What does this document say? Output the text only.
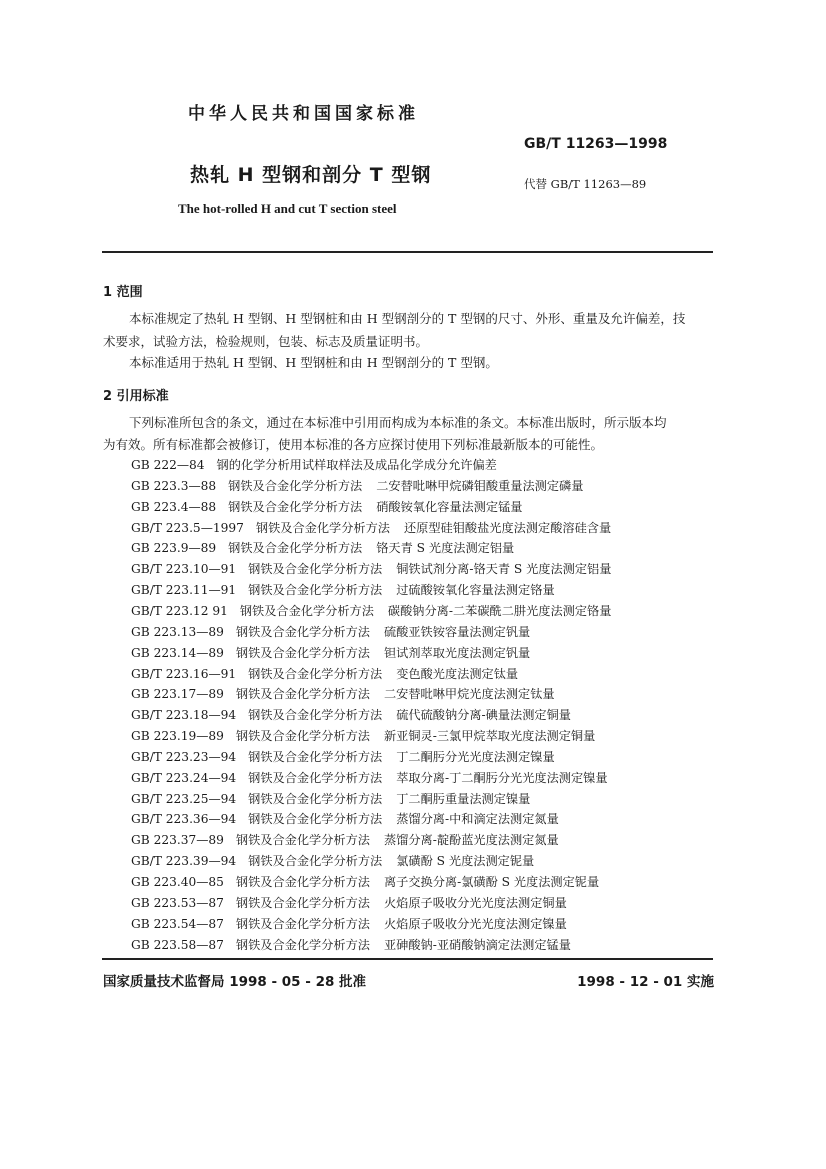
中华人民共和国国家标准
GB/T 11263—1998
热轧 H 型钢和剖分 T 型钢	代替 GB/T 11263—89
The hot-rolled H and cut T section steel
1 范围
本标准规定了热轧 H 型钢、H 型钢桩和由 H 型钢剖分的 T 型钢的尺寸、外形、重量及允许偏差，技
术要求，试验方法，检验规则，包装、标志及质量证明书。
本标准适用于热轧 H 型钢、H 型钢桩和由 H 型钢剖分的 T 型钢。
2 引用标准
下列标准所包含的条文，通过在本标准中引用而构成为本标准的条文。本标准出版时，所示版本均
为有效。所有标准都会被修订，使用本标准的各方应探讨使用下列标准最新版本的可能性。
GB 222—84 钢的化学分析用试样取样法及成品化学成分允许偏差
GB 223.3—88 钢铁及合金化学分析方法 二安替吡啉甲烷磷钼酸重量法测定磷量
GB 223.4—88 钢铁及合金化学分析方法 硝酸铵氧化容量法测定锰量
GB/T 223.5—1997 钢铁及合金化学分析方法 还原型硅钼酸盐光度法测定酸溶硅含量
GB 223.9—89 钢铁及合金化学分析方法 铬天青 S 光度法测定铝量
GB/T 223.10—91 钢铁及合金化学分析方法 铜铁试剂分离-铬天青 S 光度法测定铝量
GB/T 223.11—91 钢铁及合金化学分析方法 过硫酸铵氧化容量法测定铬量
GB/T 223.12 91 钢铁及合金化学分析方法 碳酸钠分离-二苯碳酰二肼光度法测定铬量
GB 223.13—89 钢铁及合金化学分析方法 硫酸亚铁铵容量法测定钒量
GB 223.14—89 钢铁及合金化学分析方法 钽试剂萃取光度法测定钒量
GB/T 223.16—91 钢铁及合金化学分析方法 变色酸光度法测定钛量
GB 223.17—89 钢铁及合金化学分析方法 二安替吡啉甲烷光度法测定钛量
GB/T 223.18—94 钢铁及合金化学分析方法 硫代硫酸钠分离-碘量法测定铜量
GB 223.19—89 钢铁及合金化学分析方法 新亚铜灵-三氯甲烷萃取光度法测定铜量
GB/T 223.23—94 钢铁及合金化学分析方法 丁二酮肟分光光度法测定镍量
GB/T 223.24—94 钢铁及合金化学分析方法 萃取分离-丁二酮肟分光光度法测定镍量
GB/T 223.25—94 钢铁及合金化学分析方法 丁二酮肟重量法测定镍量
GB/T 223.36—94 钢铁及合金化学分析方法 蒸馏分离-中和滴定法测定氮量
GB 223.37—89 钢铁及合金化学分析方法 蒸馏分离-靛酚蓝光度法测定氮量
GB/T 223.39—94 钢铁及合金化学分析方法 氯磺酚 S 光度法测定铌量
GB 223.40—85 钢铁及合金化学分析方法 离子交换分离-氯磺酚 S 光度法测定铌量
GB 223.53—87 钢铁及合金化学分析方法 火焰原子吸收分光光度法测定铜量
GB 223.54—87 钢铁及合金化学分析方法 火焰原子吸收分光光度法测定镍量
GB 223.58—87 钢铁及合金化学分析方法 亚砷酸钠-亚硝酸钠滴定法测定锰量
国家质量技术监督局 1998 - 05 - 28 批准	1998 - 12 - 01 实施
